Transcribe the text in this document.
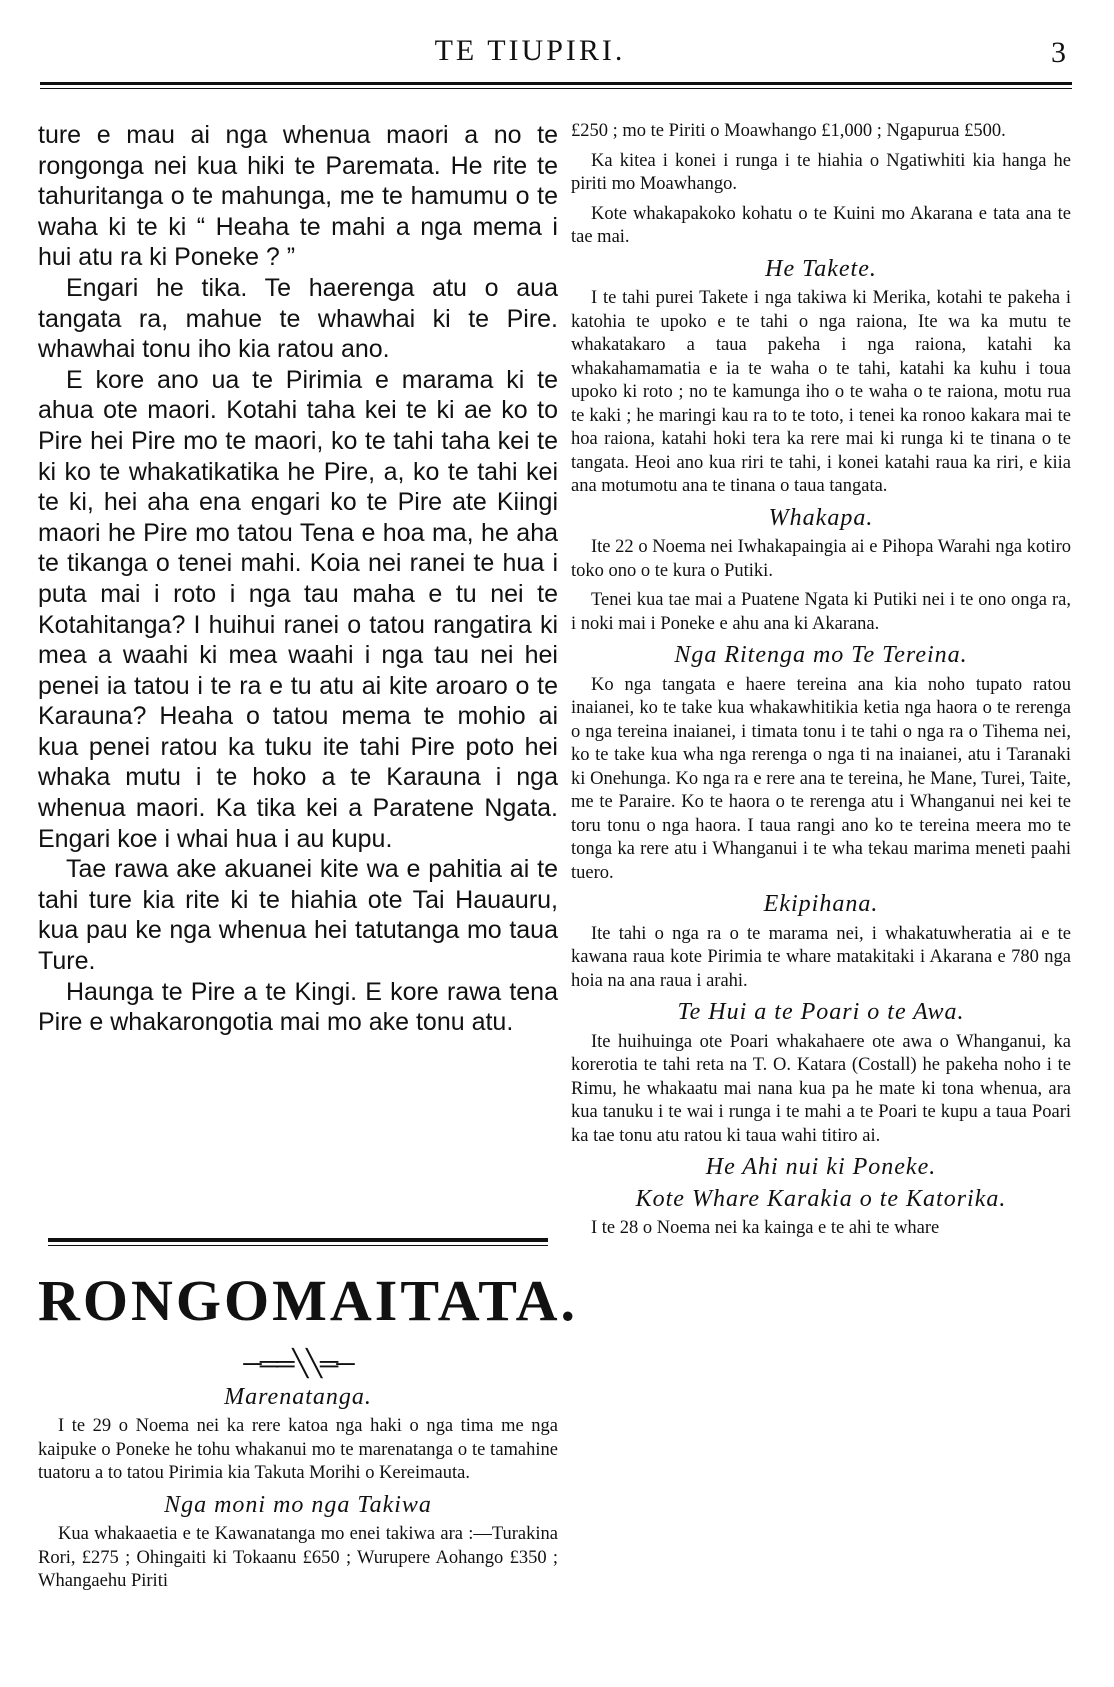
TE TIUPIRI.	3

ture e mau ai nga whenua maori a no te rongonga nei kua hiki te Paremata. He rite te tahuritanga o te mahunga, me te hamumu o te waha ki te ki “ Heaha te mahi a nga mema i hui atu ra ki Poneke ? ”

Engari he tika. Te haerenga atu o aua tangata ra, mahue te whawhai ki te Pire. whawhai tonu iho kia ratou ano.

E kore ano ua te Pirimia e marama ki te ahua ote maori. Kotahi taha kei te ki ae ko to Pire hei Pire mo te maori, ko te tahi taha kei te ki ko te whakatikatika he Pire, a, ko te tahi kei te ki, hei aha ena engari ko te Pire ate Kiingi maori he Pire mo tatou Tena e hoa ma, he aha te tikanga o tenei mahi. Koia nei ranei te hua i puta mai i roto i nga tau maha e tu nei te Kotahitanga? I huihui ranei o tatou rangatira ki mea a waahi ki mea waahi i nga tau nei hei penei ia tatou i te ra e tu atu ai kite aroaro o te Karauna? Heaha o tatou mema te mohio ai kua penei ratou ka tuku ite tahi Pire poto hei whaka mutu i te hoko a te Karauna i nga whenua maori. Ka tika kei a Paratene Ngata. Engari koe i whai hua i au kupu.

Tae rawa ake akuanei kite wa e pahitia ai te tahi ture kia rite ki te hiahia ote Tai Hauauru, kua pau ke nga whenua hei tatutanga mo taua Ture.

Haunga te Pire a te Kingi. E kore rawa tena Pire e whakarongotia mai mo ake tonu atu.

RONGOMAITATA.
─══╲╲═─
Marenatanga.

I te 29 o Noema nei ka rere katoa nga haki o nga tima me nga kaipuke o Poneke he tohu whakanui mo te marenatanga o te tamahine tuatoru a to tatou Pirimia kia Takuta Morihi o Kereimauta.

Nga moni mo nga Takiwa

Kua whakaaetia e te Kawanatanga mo enei takiwa ara :—Turakina Rori, £275 ; Ohingaiti ki Tokaanu £650 ; Wurupere Aohango £350 ; Whangaehu Piriti

£250 ; mo te Piriti o Moawhango £1,000 ; Ngapurua £500.

Ka kitea i konei i runga i te hiahia o Ngatiwhiti kia hanga he piriti mo Moawhango.

Kote whakapakoko kohatu o te Kuini mo Akarana e tata ana te tae mai.

He Takete.

I te tahi purei Takete i nga takiwa ki Merika, kotahi te pakeha i katohia te upoko e te tahi o nga raiona, Ite wa ka mutu te whakatakaro a taua pakeha i nga raiona, katahi ka whakahamamatia e ia te waha o te tahi, katahi ka kuhu i toua upoko ki roto ; no te kamunga iho o te waha o te raiona, motu rua te kaki ; he maringi kau ra to te toto, i tenei ka ronoo kakara mai te hoa raiona, katahi hoki tera ka rere mai ki runga ki te tinana o te tangata. Heoi ano kua riri te tahi, i konei katahi raua ka riri, e kiia ana motumotu ana te tinana o taua tangata.

Whakapa.

Ite 22 o Noema nei Iwhakapaingia ai e Pihopa Warahi nga kotiro toko ono o te kura o Putiki.

Tenei kua tae mai a Puatene Ngata ki Putiki nei i te ono onga ra, i noki mai i Poneke e ahu ana ki Akarana.

Nga Ritenga mo Te Tereina.

Ko nga tangata e haere tereina ana kia noho tupato ratou inaianei, ko te take kua whakawhitikia ketia nga haora o te rerenga o nga tereina inaianei, i timata tonu i te tahi o nga ra o Tihema nei, ko te take kua wha nga rerenga o nga ti na inaianei, atu i Taranaki ki Onehunga. Ko nga ra e rere ana te tereina, he Mane, Turei, Taite, me te Paraire. Ko te haora o te rerenga atu i Whanganui nei kei te toru tonu o nga haora. I taua rangi ano ko te tereina meera mo te tonga ka rere atu i Whanganui i te wha tekau marima meneti paahi tuero.

Ekipihana.

Ite tahi o nga ra o te marama nei, i whakatuwheratia ai e te kawana raua kote Pirimia te whare matakitaki i Akarana e 780 nga hoia na ana raua i arahi.

Te Hui a te Poari o te Awa.

Ite huihuinga ote Poari whakahaere ote awa o Whanganui, ka korerotia te tahi reta na T. O. Katara (Costall) he pakeha noho i te Rimu, he whakaatu mai nana kua pa he mate ki tona whenua, ara kua tanuku i te wai i runga i te mahi a te Poari te kupu a taua Poari ka tae tonu atu ratou ki taua wahi titiro ai.

He Ahi nui ki Poneke.
Kote Whare Karakia o te Katorika.

I te 28 o Noema nei ka kainga e te ahi te whare
